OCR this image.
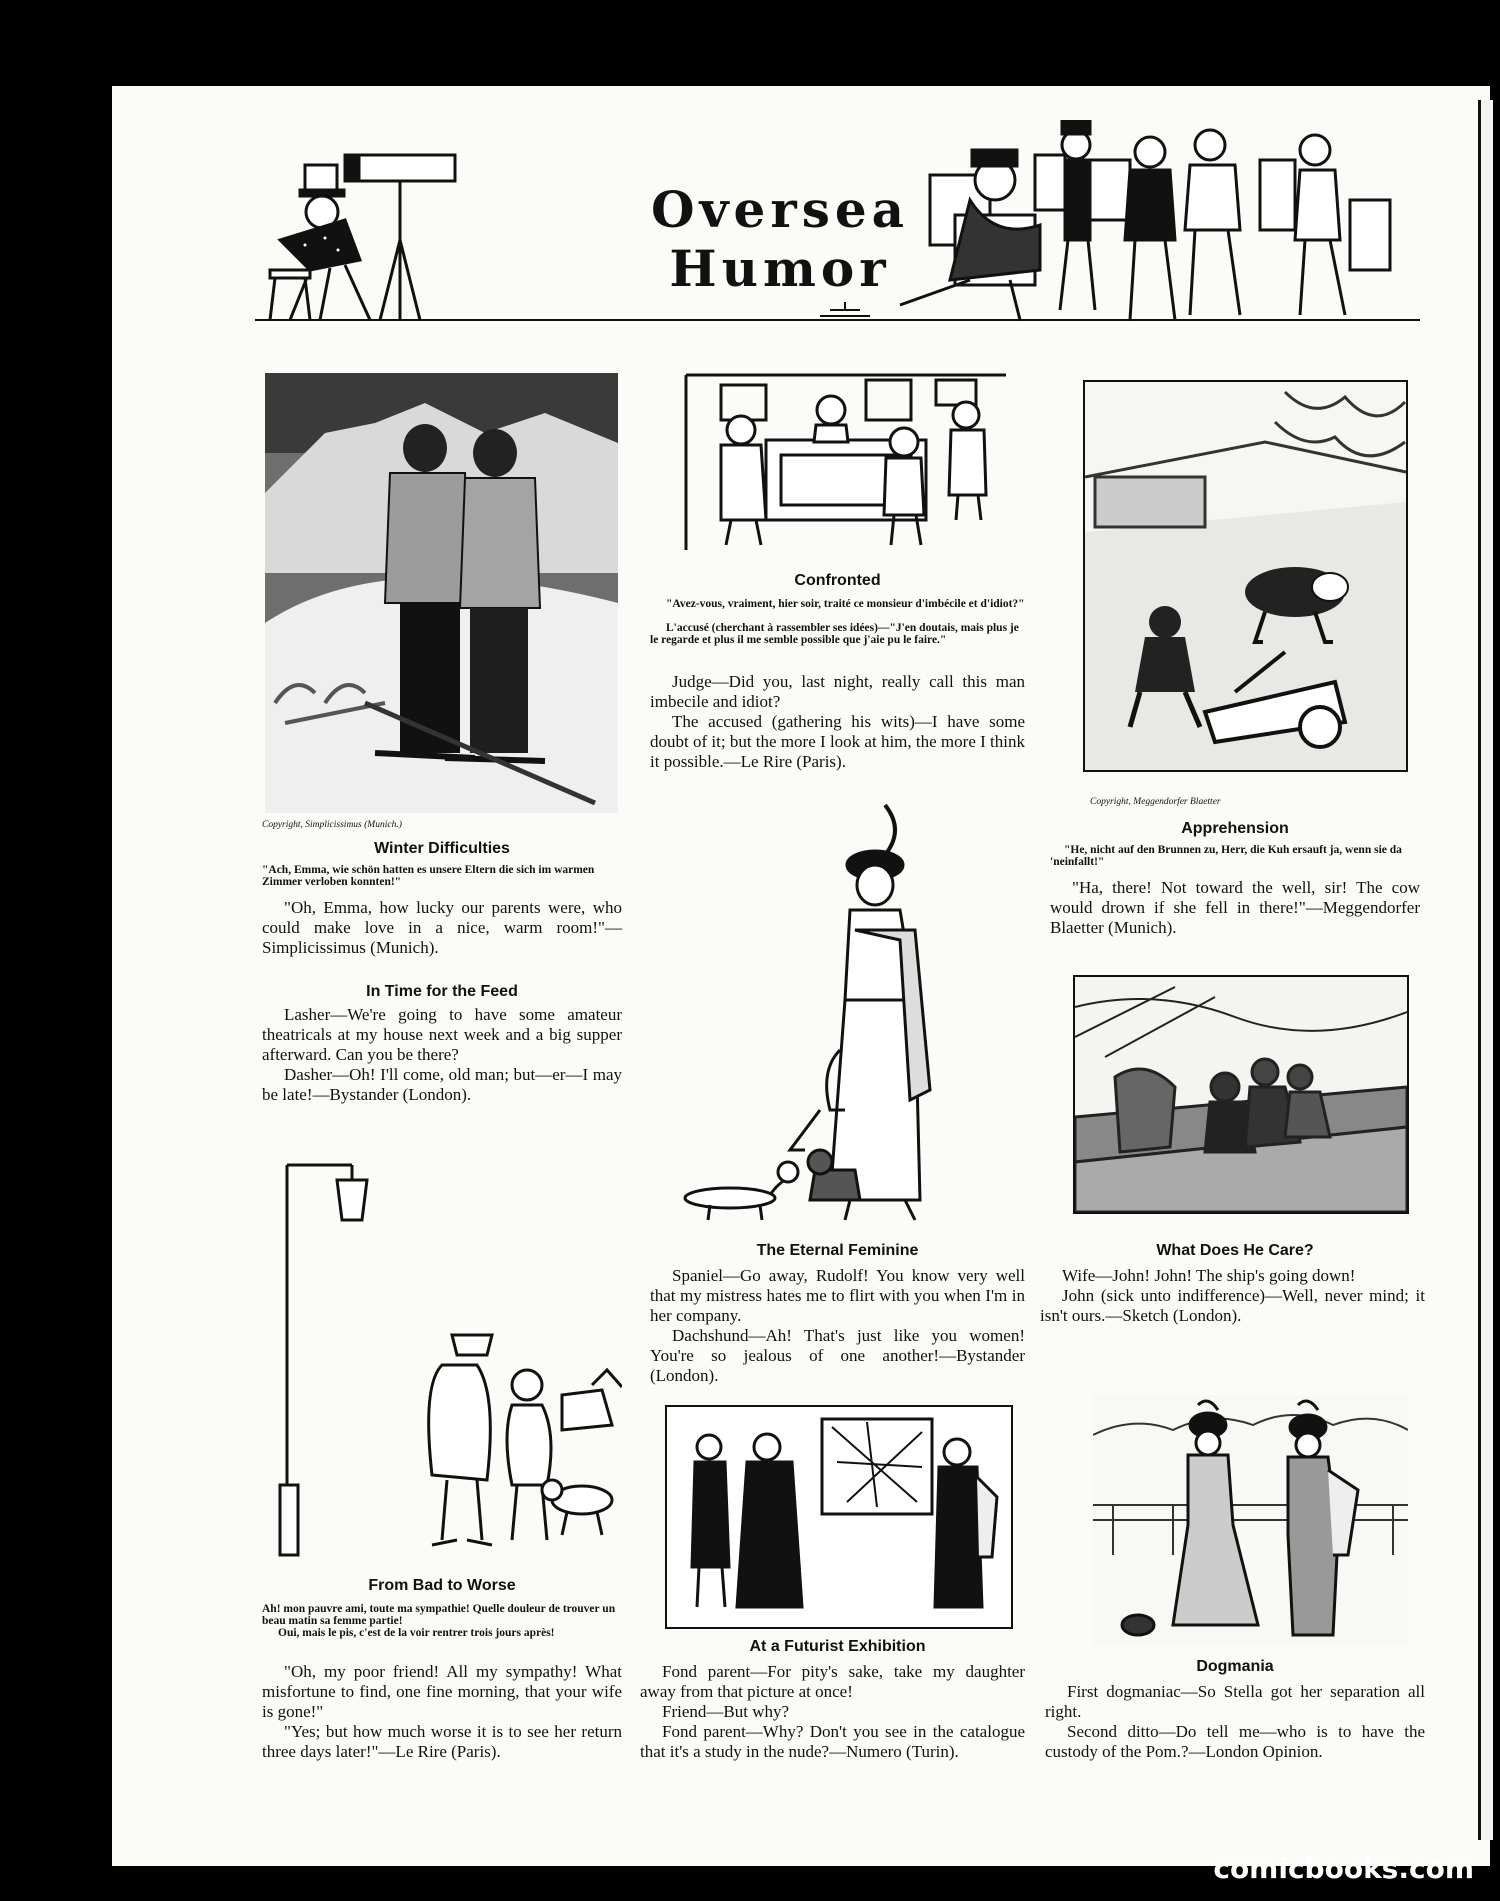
Oversea Humor
Copyright, Simplicissimus (Munich.)
Winter Difficulties
"Ach, Emma, wie schön hatten es unsere Eltern die sich im warmen Zimmer verloben konnten!"

"Oh, Emma, how lucky our parents were, who could make love in a nice, warm room!"—Simplicissimus (Munich).

In Time for the Feed

Lasher—We're going to have some amateur theatricals at my house next week and a big supper afterward. Can you be there?

Dasher—Oh! I'll come, old man; but—er—I may be late!—Bystander (London).

From Bad to Worse
Ah! mon pauvre ami, toute ma sympathie! Quelle douleur de trouver un beau matin sa femme partie!
Oui, mais le pis, c'est de la voir rentrer trois jours après!

"Oh, my poor friend! All my sympathy! What misfortune to find, one fine morning, that your wife is gone!"

"Yes; but how much worse it is to see her return three days later!"—Le Rire (Paris).

Confronted
"Avez-vous, vraiment, hier soir, traité ce monsieur d'imbécile et d'idiot?"
L'accusé (cherchant à rassembler ses idées)—"J'en doutais, mais plus je le regarde et plus il me semble possible que j'aie pu le faire."

Judge—Did you, last night, really call this man imbecile and idiot?

The accused (gathering his wits)—I have some doubt of it; but the more I look at him, the more I think it possible.—Le Rire (Paris).

The Eternal Feminine

Spaniel—Go away, Rudolf! You know very well that my mistress hates me to flirt with you when I'm in her company.

Dachshund—Ah! That's just like you women! You're so jealous of one another!—Bystander (London).

At a Futurist Exhibition

Fond parent—For pity's sake, take my daughter away from that picture at once!

Friend—But why?

Fond parent—Why? Don't you see in the catalogue that it's a study in the nude?—Numero (Turin).

Copyright, Meggendorfer Blaetter
Apprehension
"He, nicht auf den Brunnen zu, Herr, die Kuh ersauft ja, wenn sie da 'neinfallt!"

"Ha, there! Not toward the well, sir! The cow would drown if she fell in there!"—Meggendorfer Blaetter (Munich).

What Does He Care?

Wife—John! John! The ship's going down!

John (sick unto indifference)—Well, never mind; it isn't ours.—Sketch (London).

Dogmania

First dogmaniac—So Stella got her separation all right.

Second ditto—Do tell me—who is to have the custody of the Pom.?—London Opinion.

comicbooks.com
